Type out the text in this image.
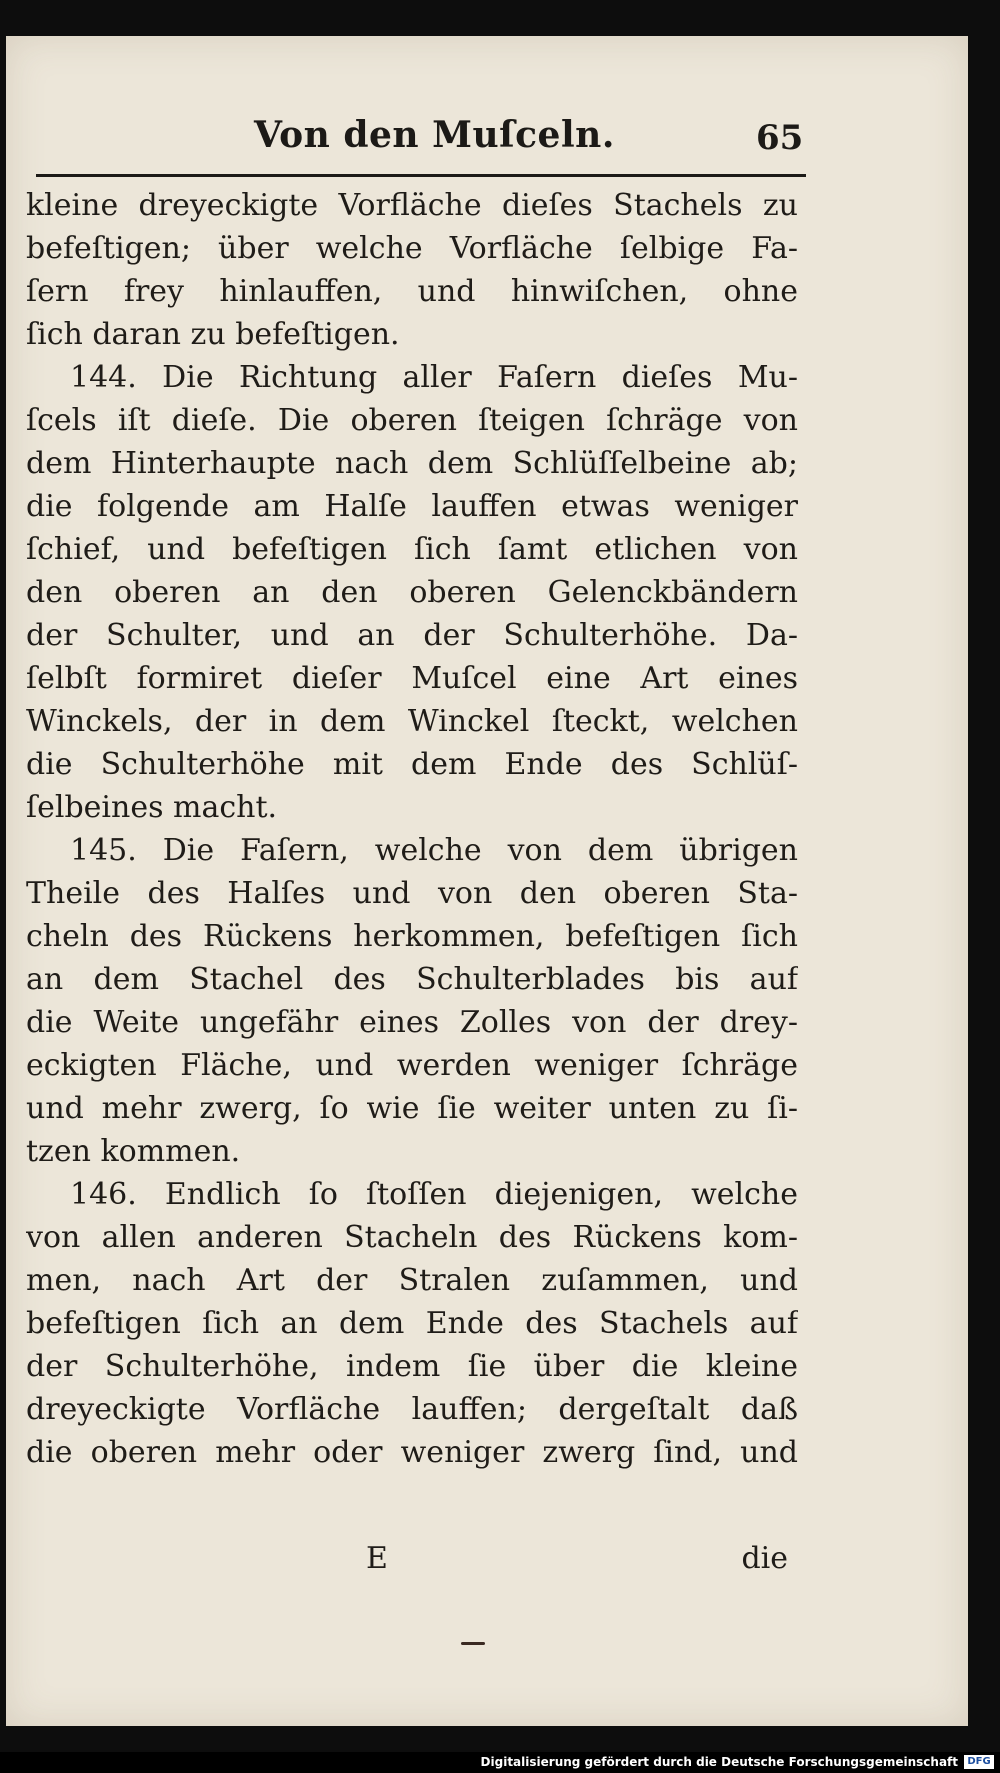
Von den Muſceln.	65
kleine dreyeckigte Vorfläche dieſes Stachels zu
befeſtigen; über welche Vorfläche ſelbige Fa-
ſern frey hinlauffen, und hinwiſchen, ohne
ſich daran zu befeſtigen.
144. Die Richtung aller Faſern dieſes Mu-
ſcels iſt dieſe. Die oberen ſteigen ſchräge von
dem Hinterhaupte nach dem Schlüſſelbeine ab;
die folgende am Halſe lauffen etwas weniger
ſchief, und befeſtigen ſich ſamt etlichen von
den oberen an den oberen Gelenckbändern
der Schulter, und an der Schulterhöhe. Da-
ſelbſt formiret dieſer Muſcel eine Art eines
Winckels, der in dem Winckel ſteckt, welchen
die Schulterhöhe mit dem Ende des Schlüſ-
ſelbeines macht.
145. Die Faſern, welche von dem übrigen
Theile des Halſes und von den oberen Sta-
cheln des Rückens herkommen, befeſtigen ſich
an dem Stachel des Schulterblades bis auf
die Weite ungefähr eines Zolles von der drey-
eckigten Fläche, und werden weniger ſchräge
und mehr zwerg, ſo wie ſie weiter unten zu ſi-
tzen kommen.
146. Endlich ſo ſtoſſen diejenigen, welche
von allen anderen Stacheln des Rückens kom-
men, nach Art der Stralen zuſammen, und
befeſtigen ſich an dem Ende des Stachels auf
der Schulterhöhe, indem ſie über die kleine
dreyeckigte Vorfläche lauffen; dergeſtalt daß
die oberen mehr oder weniger zwerg ſind, und
E	die
Digitalisierung gefördert durch die Deutsche Forschungsgemeinschaft DFG
